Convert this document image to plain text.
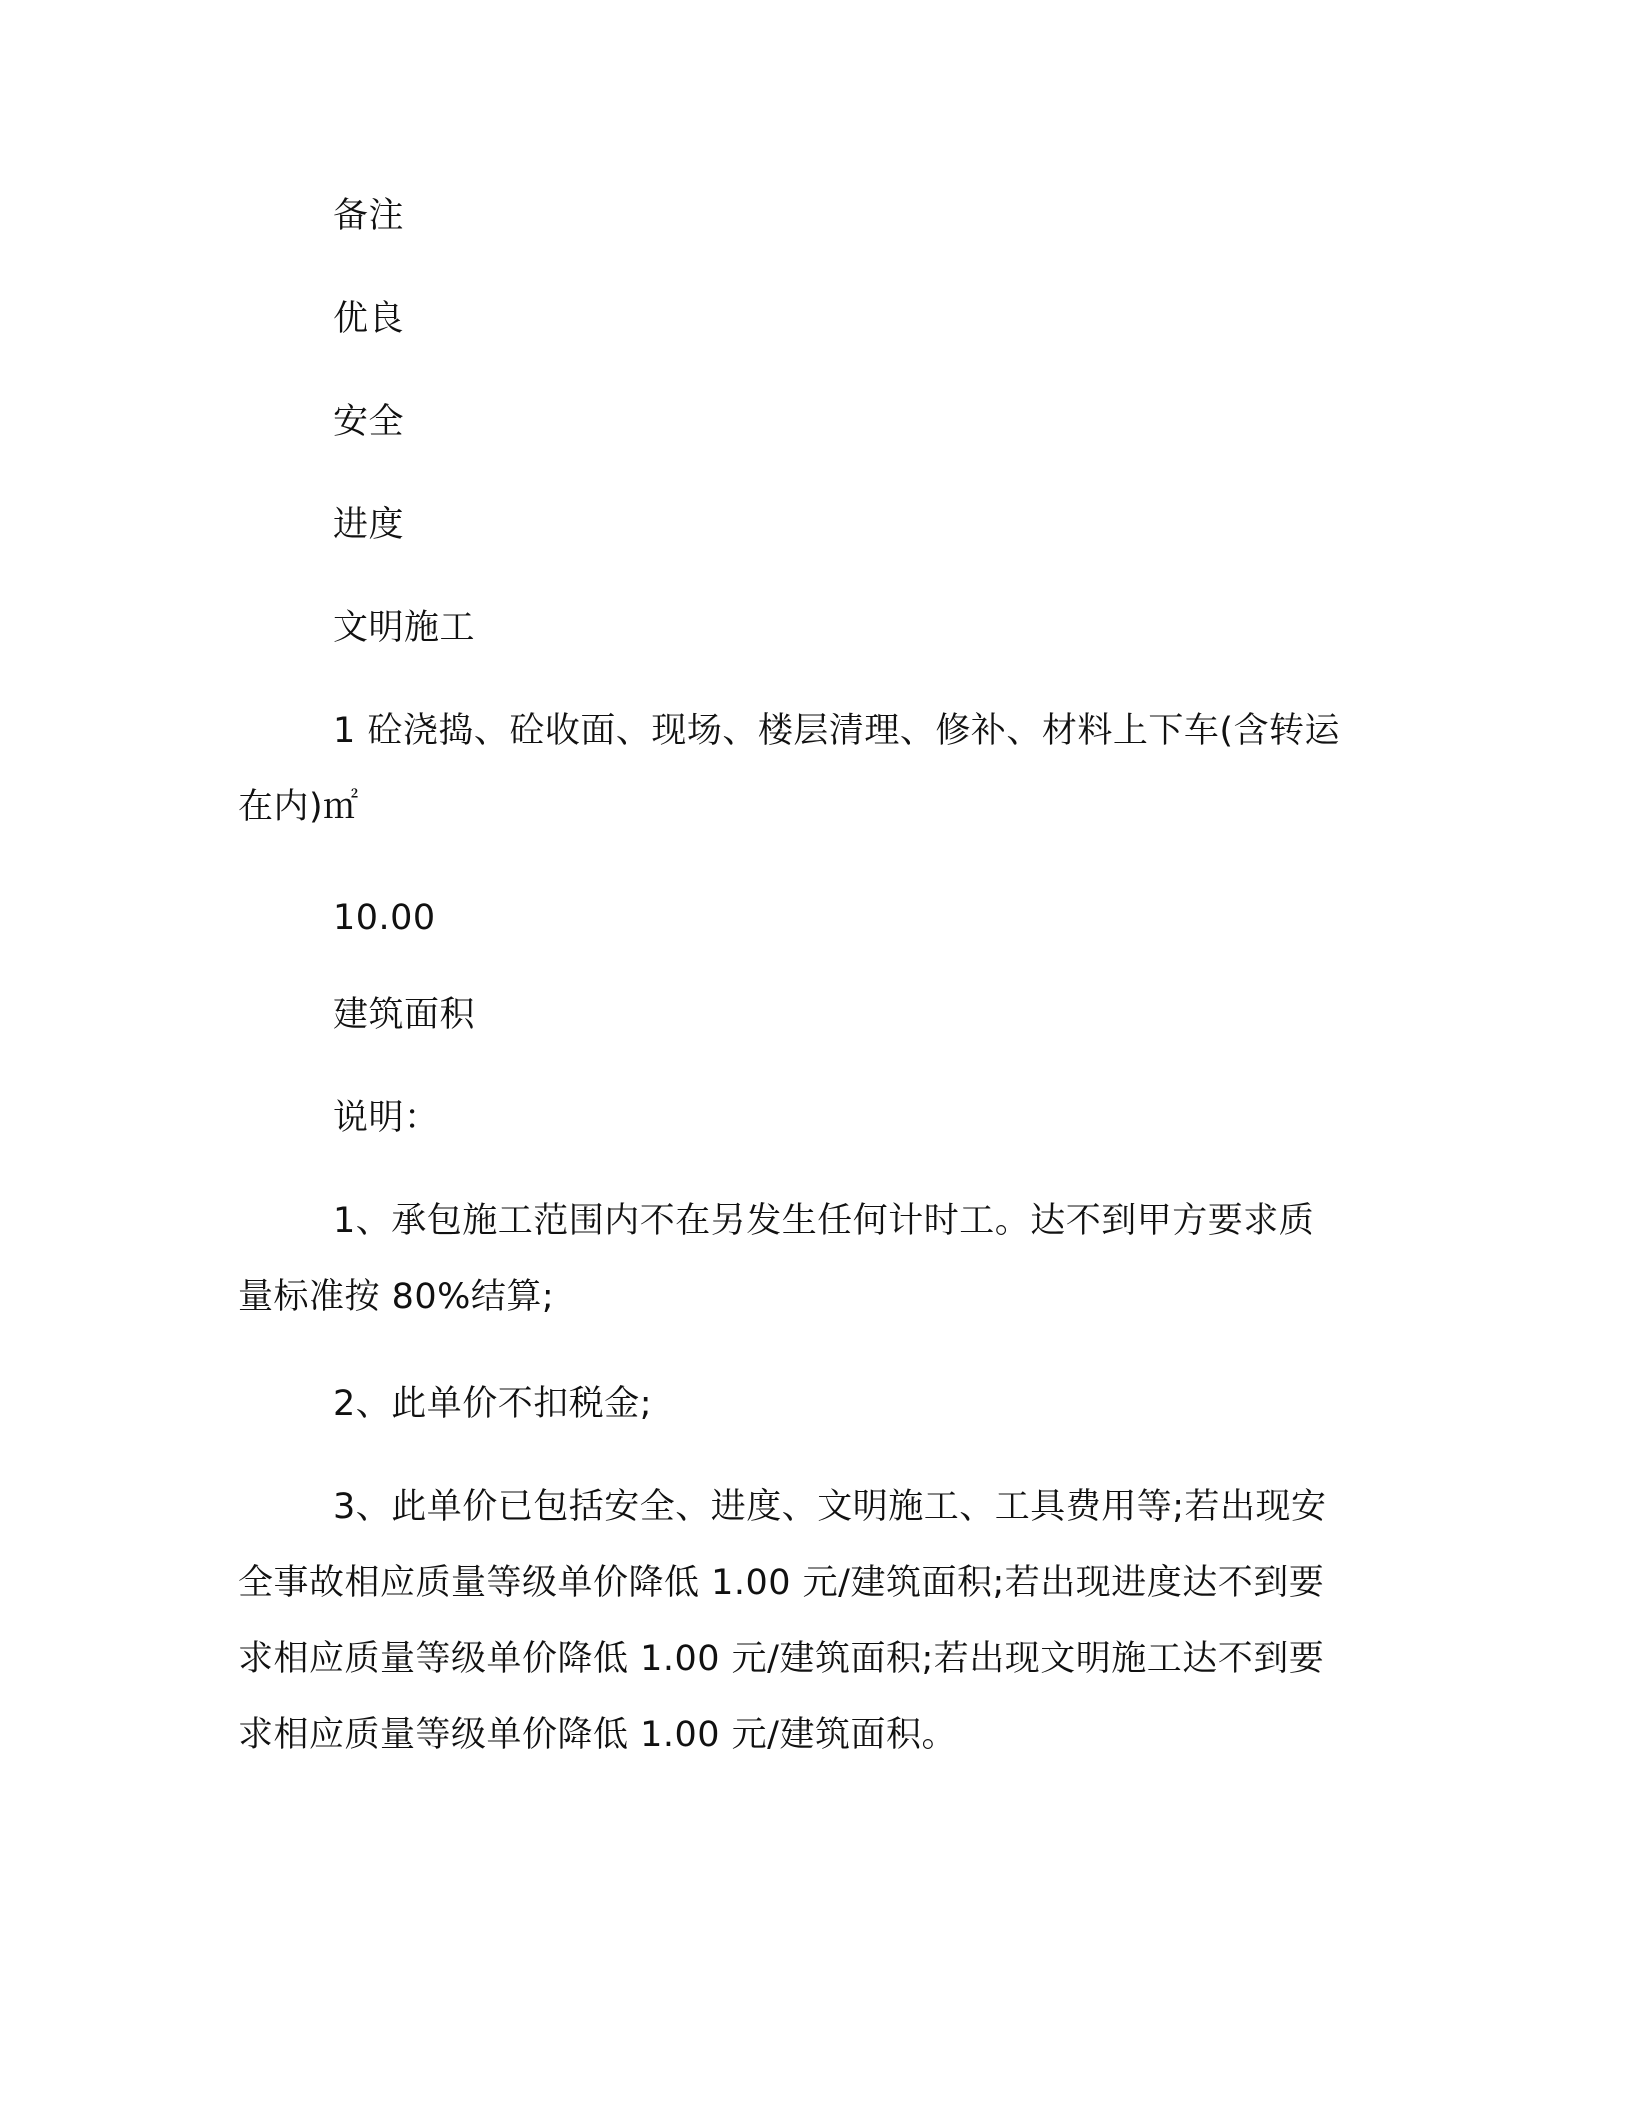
备注
优良
安全
进度
文明施工
1 砼浇捣、砼收面、现场、楼层清理、修补、材料上下车(含转运
在内)㎡
10.00
建筑面积
说明：
1、承包施工范围内不在另发生任何计时工。达不到甲方要求质
量标准按 80%结算;
2、此单价不扣税金;
3、此单价已包括安全、进度、文明施工、工具费用等;若出现安
全事故相应质量等级单价降低 1.00 元/建筑面积;若出现进度达不到要
求相应质量等级单价降低 1.00 元/建筑面积;若出现文明施工达不到要
求相应质量等级单价降低 1.00 元/建筑面积。
